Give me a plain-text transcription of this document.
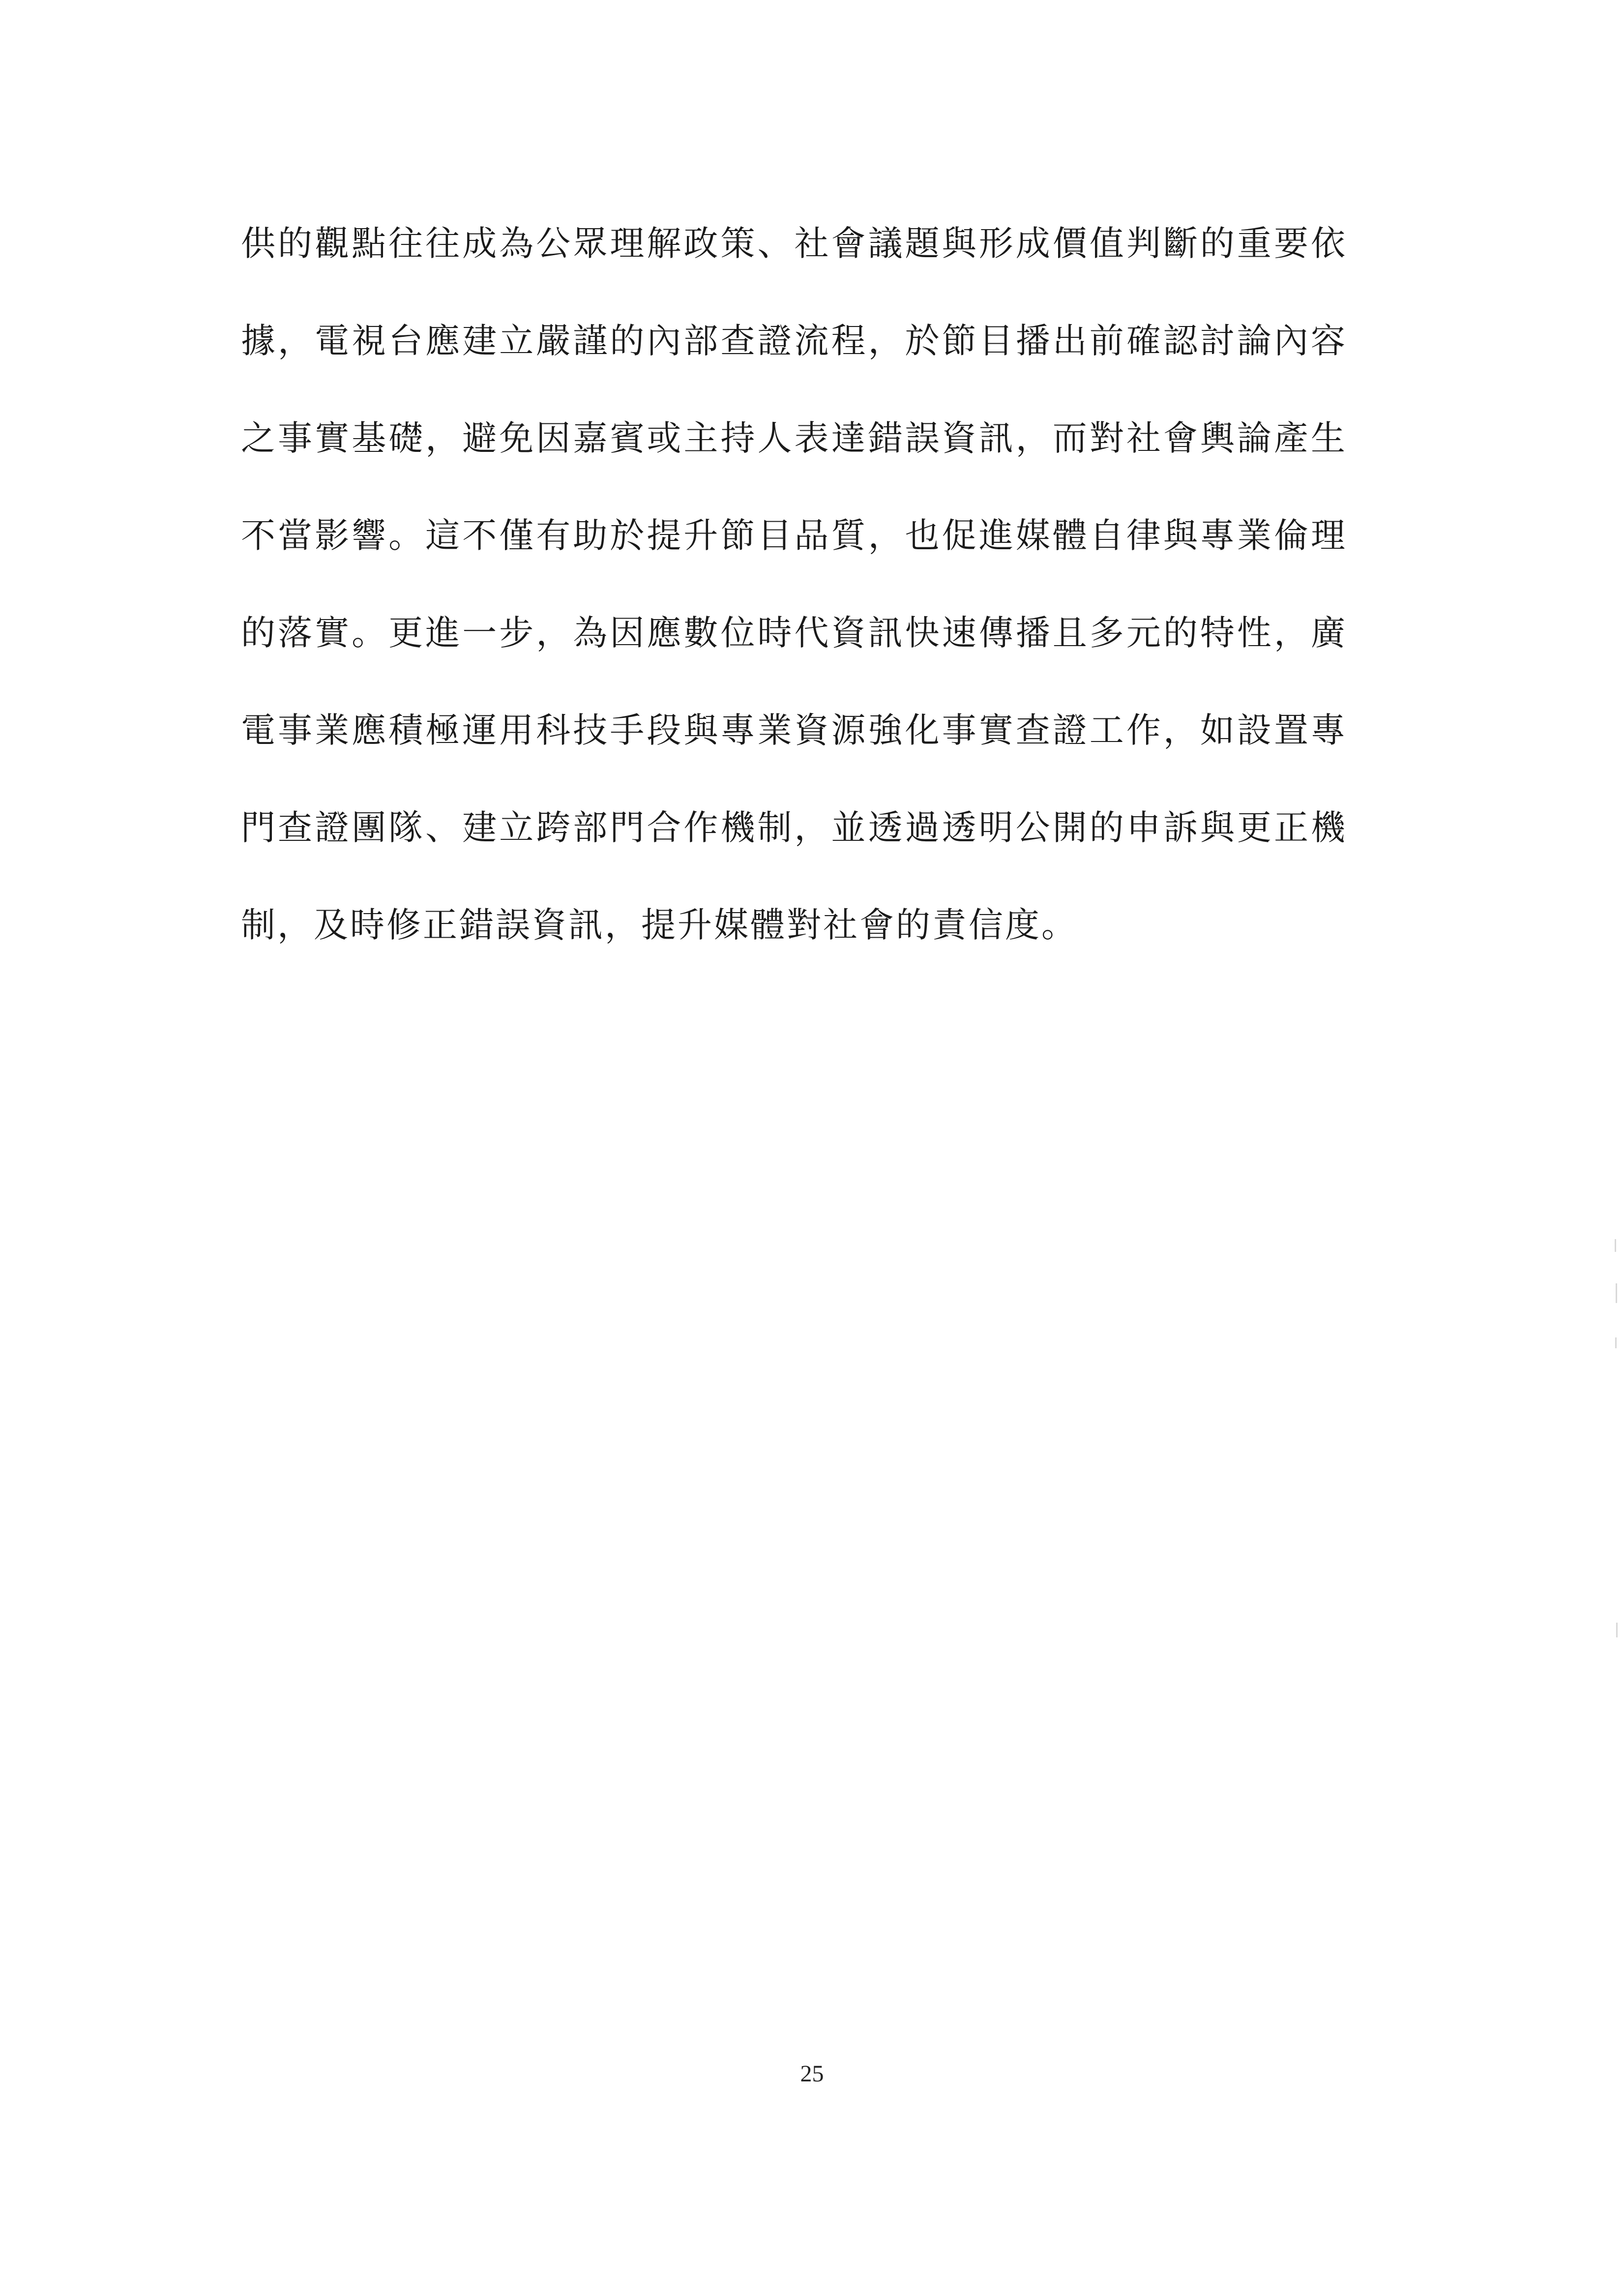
供的觀點往往成為公眾理解政策、社會議題與形成價值判斷的重要依
據，電視台應建立嚴謹的內部查證流程，於節目播出前確認討論內容
之事實基礎，避免因嘉賓或主持人表達錯誤資訊，而對社會輿論產生
不當影響。這不僅有助於提升節目品質，也促進媒體自律與專業倫理
的落實。更進一步，為因應數位時代資訊快速傳播且多元的特性，廣
電事業應積極運用科技手段與專業資源強化事實查證工作，如設置專
門查證團隊、建立跨部門合作機制，並透過透明公開的申訴與更正機
制，及時修正錯誤資訊，提升媒體對社會的責信度。
25
